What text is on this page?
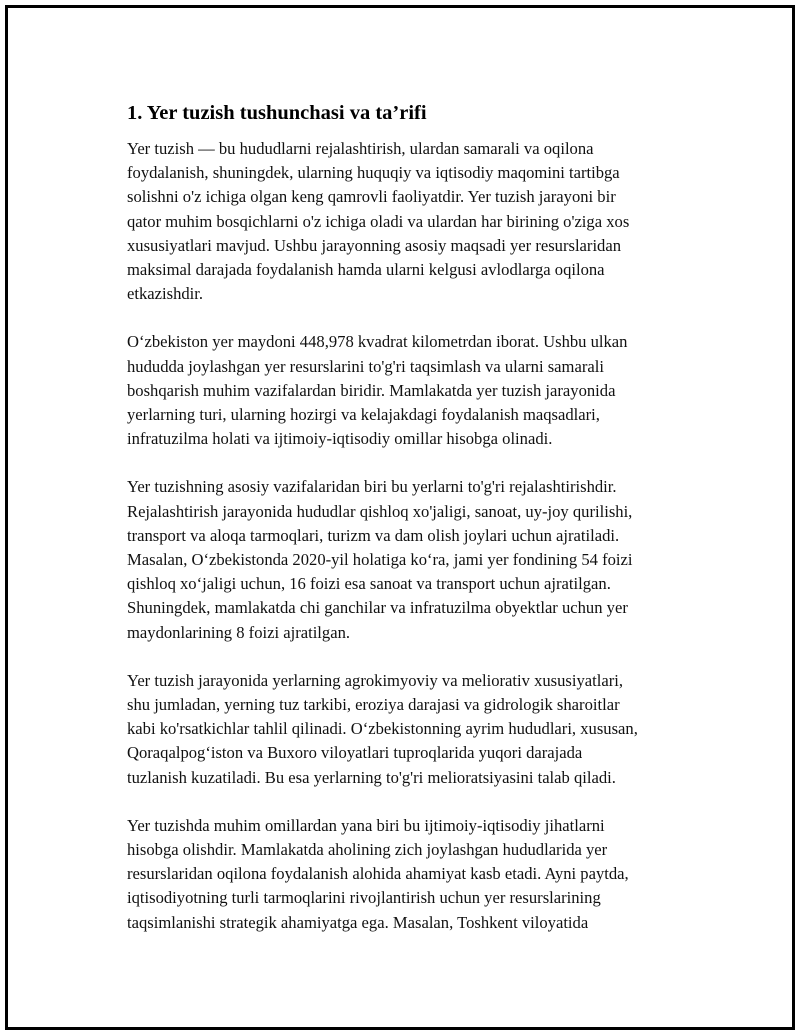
1. Yer tuzish tushunchasi va ta’rifi

Yer tuzish — bu hududlarni rejalashtirish, ulardan samarali va oqilona
foydalanish, shuningdek, ularning huquqiy va iqtisodiy maqomini tartibga
solishni o'z ichiga olgan keng qamrovli faoliyatdir. Yer tuzish jarayoni bir
qator muhim bosqichlarni o'z ichiga oladi va ulardan har birining o'ziga xos
xususiyatlari mavjud. Ushbu jarayonning asosiy maqsadi yer resurslaridan
maksimal darajada foydalanish hamda ularni kelgusi avlodlarga oqilona
etkazishdir.

O‘zbekiston yer maydoni 448,978 kvadrat kilometrdan iborat. Ushbu ulkan
hududda joylashgan yer resurslarini to'g'ri taqsimlash va ularni samarali
boshqarish muhim vazifalardan biridir. Mamlakatda yer tuzish jarayonida
yerlarning turi, ularning hozirgi va kelajakdagi foydalanish maqsadlari,
infratuzilma holati va ijtimoiy-iqtisodiy omillar hisobga olinadi.

Yer tuzishning asosiy vazifalaridan biri bu yerlarni to'g'ri rejalashtirishdir.
Rejalashtirish jarayonida hududlar qishloq xo'jaligi, sanoat, uy-joy qurilishi,
transport va aloqa tarmoqlari, turizm va dam olish joylari uchun ajratiladi.
Masalan, O‘zbekistonda 2020-yil holatiga ko‘ra, jami yer fondining 54 foizi
qishloq xo‘jaligi uchun, 16 foizi esa sanoat va transport uchun ajratilgan.
Shuningdek, mamlakatda chi ganchilar va infratuzilma obyektlar uchun yer
maydonlarining 8 foizi ajratilgan.

Yer tuzish jarayonida yerlarning agrokimyoviy va meliorativ xususiyatlari,
shu jumladan, yerning tuz tarkibi, eroziya darajasi va gidrologik sharoitlar
kabi ko'rsatkichlar tahlil qilinadi. O‘zbekistonning ayrim hududlari, xususan,
Qoraqalpog‘iston va Buxoro viloyatlari tuproqlarida yuqori darajada
tuzlanish kuzatiladi. Bu esa yerlarning to'g'ri melioratsiyasini talab qiladi.

Yer tuzishda muhim omillardan yana biri bu ijtimoiy-iqtisodiy jihatlarni
hisobga olishdir. Mamlakatda aholining zich joylashgan hududlarida yer
resurslaridan oqilona foydalanish alohida ahamiyat kasb etadi. Ayni paytda,
iqtisodiyotning turli tarmoqlarini rivojlantirish uchun yer resurslarining
taqsimlanishi strategik ahamiyatga ega. Masalan, Toshkent viloyatida
